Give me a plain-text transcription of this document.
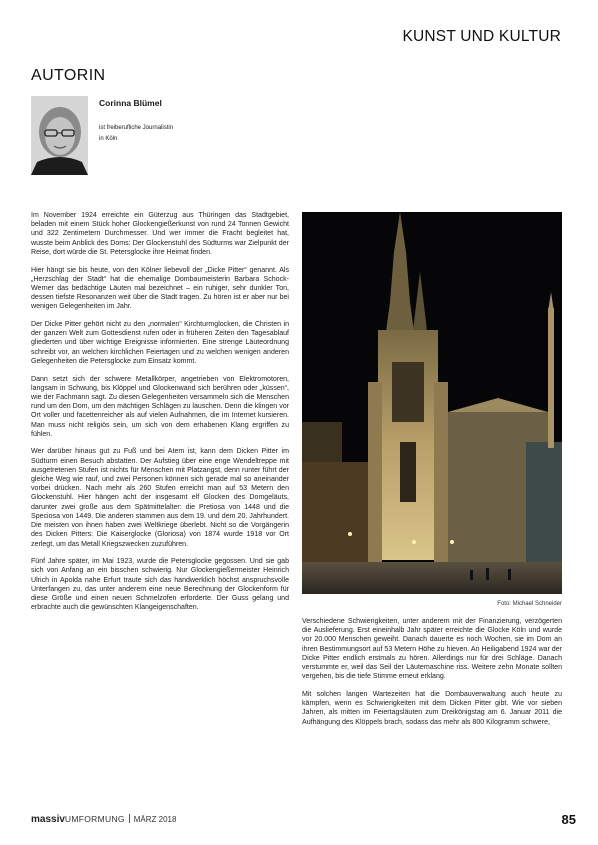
KUNST UND KULTUR
AUTORIN
Corinna Blümel
ist freiberufliche Journalistin
in Köln

Im November 1924 erreichte ein Güterzug aus Thüringen das Stadtgebiet, beladen mit einem Stück hoher Glockengießerkunst von rund 24 Tonnen Gewicht und 322 Zentimetern Durchmesser. Und wer immer die Fracht begleitet hat, wusste beim Anblick des Doms: Der Glockenstuhl des Südturms war Zielpunkt der Reise, dort würde die St. Petersglocke ihre Heimat finden.

Hier hängt sie bis heute, von den Kölner liebevoll der „Dicke Pitter“ genannt. Als „Herzschlag der Stadt“ hat die ehemalige Dombaumeisterin Barbara Schock-Werner das bedächtige Läuten mal bezeichnet – ein ruhiger, sehr dunkler Ton, dessen tiefste Resonanzen weit über die Stadt tragen. Zu hören ist er aber nur bei wenigen Gelegenheiten im Jahr.

Der Dicke Pitter gehört nicht zu den „normalen“ Kirchturmglocken, die Christen in der ganzen Welt zum Gottesdienst rufen oder in früheren Zeiten den Tagesablauf gliederten und über wichtige Ereignisse informierten. Eine strenge Läuteordnung schreibt vor, an welchen kirchlichen Feiertagen und zu welchen wenigen anderen Gelegenheiten die Petersglocke zum Einsatz kommt.

Dann setzt sich der schwere Metallkörper, angetrieben von Elektromotoren, langsam in Schwung, bis Klöppel und Glockenwand sich berühren oder „küssen“, wie der Fachmann sagt. Zu diesen Gelegenheiten versammeln sich die Menschen rund um den Dom, um den mächtigen Schlägen zu lauschen. Denn die klingen vor Ort voller und facettenreicher als auf vielen Aufnahmen, die im Internet kursieren. Man muss nicht religiös sein, um sich von dem erhabenen Klang ergriffen zu fühlen.

Wer darüber hinaus gut zu Fuß und bei Atem ist, kann dem Dicken Pitter im Südturm einen Besuch abstatten. Der Aufstieg über eine enge Wendeltreppe mit ausgetretenen Stufen ist nichts für Menschen mit Platzangst, denn runter führt der gleiche Weg wie rauf, und zwei Personen können sich gerade mal so aneinander vorbei drücken. Nach mehr als 260 Stufen erreicht man auf 53 Metern den Glockenstuhl. Hier hängen acht der insgesamt elf Glocken des Domgeläuts, darunter zwei große aus dem Spätmittelalter: die Pretiosa von 1448 und die Speciosa von 1449. Die anderen stammen aus dem 19. und dem 20. Jahrhundert. Die meisten von ihnen haben zwei Weltkriege überlebt. Nicht so die Vorgängerin des Dicken Pitters: Die Kaiserglocke (Gloriosa) von 1874 wurde 1918 vor Ort zerlegt, um das Metall Kriegszwecken zuzuführen.

Fünf Jahre später, im Mai 1923, wurde die Petersglocke gegossen. Und sie gab sich von Anfang an ein bisschen schwierig. Nur Glockengießermeister Heinrich Ulrich in Apolda nahe Erfurt traute sich das handwerklich höchst anspruchsvolle Unterfangen zu, das unter anderem eine neue Berechnung der Glockenform für diese Größe und einen neuen Schmelzofen erforderte. Der Guss gelang und erbrachte auch die gewünschten Klangeigenschaften.

Foto: Michael Schneider

Verschiedene Schwierigkeiten, unter anderem mit der Finanzierung, verzögerten die Auslieferung. Erst eineinhalb Jahr später erreichte die Glocke Köln und wurde vor 20.000 Menschen geweiht. Danach dauerte es noch Wochen, sie im Dom an ihren Bestimmungsort auf 53 Metern Höhe zu hieven. An Heiligabend 1924 war der Dicke Pitter endlich erstmals zu hören. Allerdings nur für drei Schläge. Danach verstummte er, weil das Seil der Läutemaschine riss. Weitere zehn Monate sollten vergehen, bis die tiefe Stimme erneut erklang.

Mit solchen langen Wartezeiten hat die Dombauverwaltung auch heute zu kämpfen, wenn es Schwierigkeiten mit dem Dicken Pitter gibt. Wie vor sieben Jahren, als mitten im Feiertagsläuten zum Dreikönigstag am 6. Januar 2011 die Aufhängung des Klöppels brach, sodass das mehr als 800 Kilogramm schwere,

massivUMFORMUNG MÄRZ 2018	85
